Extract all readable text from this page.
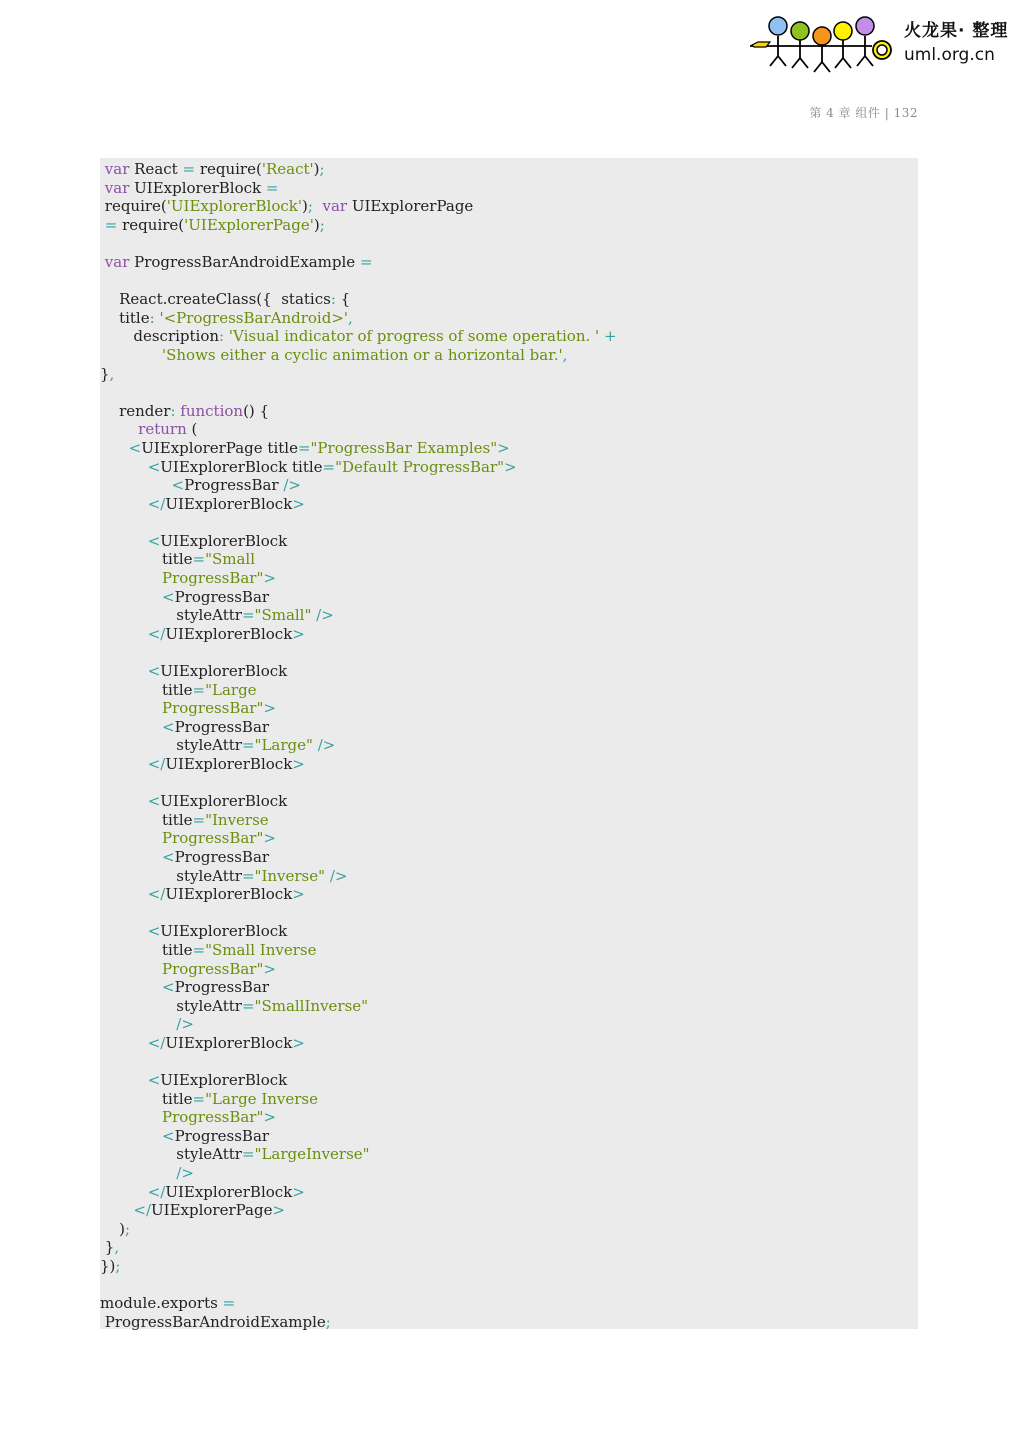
火龙果· 整理
uml.org.cn
第 4 章 组件 | 132
var React = require('React');
var UIExplorerBlock =
require('UIExplorerBlock'); var UIExplorerPage
= require('UIExplorerPage');
var ProgressBarAndroidExample =
React.createClass({  statics: {
title: '<ProgressBarAndroid>',
description: 'Visual indicator of progress of some operation. ' +
'Shows either a cyclic animation or a horizontal bar.',
},
render: function() {
return (
<UIExplorerPage title="ProgressBar Examples">
<UIExplorerBlock title="Default ProgressBar">
<ProgressBar />
</UIExplorerBlock>
<UIExplorerBlock
title="Small
ProgressBar">
<ProgressBar
styleAttr="Small" />
</UIExplorerBlock>
<UIExplorerBlock
title="Large
ProgressBar">
<ProgressBar
styleAttr="Large" />
</UIExplorerBlock>
<UIExplorerBlock
title="Inverse
ProgressBar">
<ProgressBar
styleAttr="Inverse" />
</UIExplorerBlock>
<UIExplorerBlock
title="Small Inverse
ProgressBar">
<ProgressBar
styleAttr="SmallInverse"
/>
</UIExplorerBlock>
<UIExplorerBlock
title="Large Inverse
ProgressBar">
<ProgressBar
styleAttr="LargeInverse"
/>
</UIExplorerBlock>
</UIExplorerPage>
);
},
});
module.exports =
ProgressBarAndroidExample;
